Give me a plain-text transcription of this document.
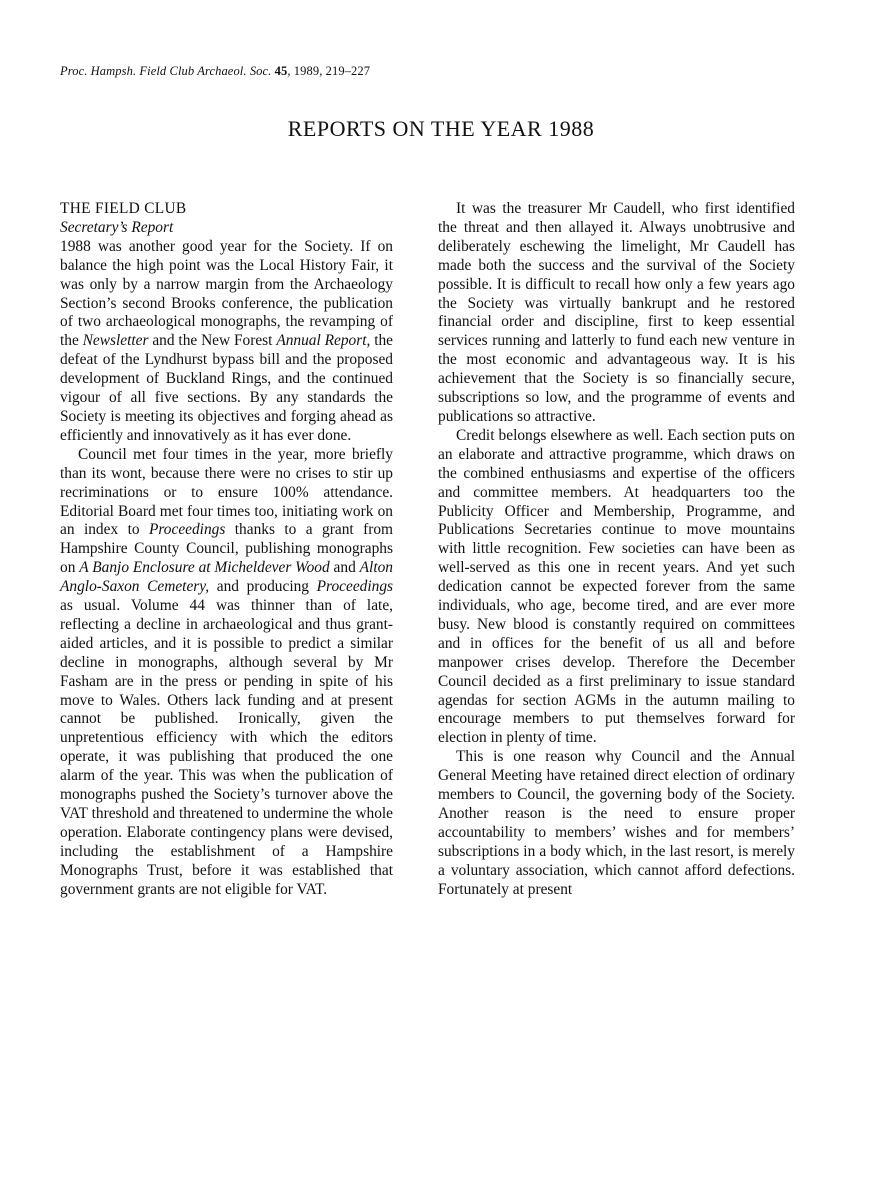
Proc. Hampsh. Field Club Archaeol. Soc. 45, 1989, 219–227
REPORTS ON THE YEAR 1988

THE FIELD CLUB

Secretary’s Report

1988 was another good year for the Society. If on balance the high point was the Local History Fair, it was only by a narrow margin from the Archaeology Section’s second Brooks conference, the publication of two archaeological monographs, the revamping of the Newsletter and the New Forest Annual Report, the defeat of the Lyndhurst bypass bill and the proposed development of Buckland Rings, and the continued vigour of all five sections. By any standards the Society is meeting its objectives and forging ahead as efficiently and innovatively as it has ever done.

Council met four times in the year, more briefly than its wont, because there were no crises to stir up recriminations or to ensure 100% attendance. Editorial Board met four times too, initiating work on an index to Proceedings thanks to a grant from Hampshire County Council, publishing monographs on A Banjo Enclosure at Micheldever Wood and Alton Anglo-Saxon Cemetery, and producing Proceedings as usual. Volume 44 was thinner than of late, reflecting a decline in archaeological and thus grant-aided articles, and it is possible to predict a similar decline in monographs, although several by Mr Fasham are in the press or pending in spite of his move to Wales. Others lack funding and at present cannot be published. Ironically, given the unpretentious efficiency with which the editors operate, it was publishing that produced the one alarm of the year. This was when the publication of monographs pushed the Society’s turnover above the VAT threshold and threatened to undermine the whole operation. Elaborate contingency plans were devised, including the establishment of a Hampshire Monographs Trust, before it was established that government grants are not eligible for VAT.

It was the treasurer Mr Caudell, who first identified the threat and then allayed it. Always unobtrusive and deliberately eschewing the limelight, Mr Caudell has made both the success and the survival of the Society possible. It is difficult to recall how only a few years ago the Society was virtually bankrupt and he restored financial order and discipline, first to keep essential services running and latterly to fund each new venture in the most economic and advantageous way. It is his achievement that the Society is so financially secure, subscriptions so low, and the programme of events and publications so attractive.

Credit belongs elsewhere as well. Each section puts on an elaborate and attractive programme, which draws on the combined enthusiasms and expertise of the officers and committee members. At headquarters too the Publicity Officer and Membership, Programme, and Publications Secretaries continue to move mountains with little recognition. Few societies can have been as well-served as this one in recent years. And yet such dedication cannot be expected forever from the same individuals, who age, become tired, and are ever more busy. New blood is constantly required on committees and in offices for the benefit of us all and before manpower crises develop. Therefore the December Council decided as a first preliminary to issue standard agendas for section AGMs in the autumn mailing to encourage members to put themselves forward for election in plenty of time.

This is one reason why Council and the Annual General Meeting have retained direct election of ordinary members to Council, the governing body of the Society. Another reason is the need to ensure proper accountability to members’ wishes and for members’ subscriptions in a body which, in the last resort, is merely a voluntary association, which cannot afford defections. Fortunately at present
